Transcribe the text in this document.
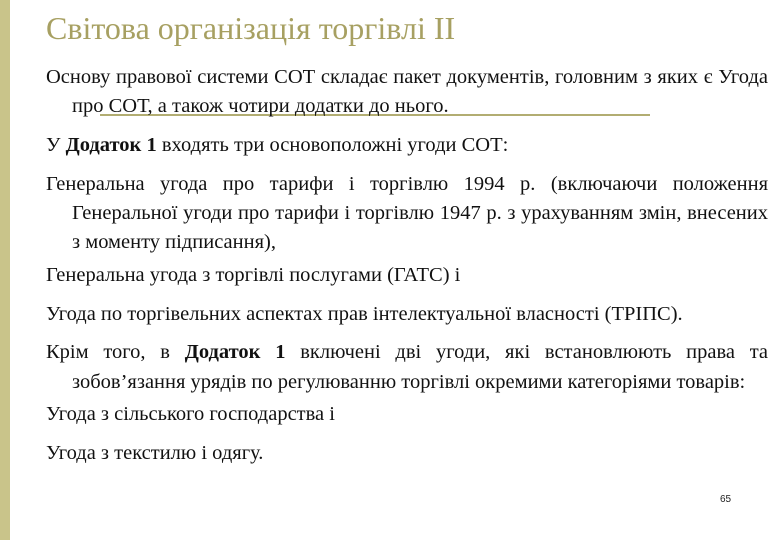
Світова організація торгівлі ІІ

Основу правової системи СОТ складає пакет документів, головним з яких є Угода про СОТ, а також чотири додатки до нього.

У Додаток 1 входять три основоположні угоди СОТ:

Генеральна угода про тарифи і торгівлю 1994 р. (включаючи положення Генеральної угоди про тарифи і торгівлю 1947 р. з урахуванням змін, внесених з моменту підписання),

Генеральна угода з торгівлі послугами (ГАТС) і

Угода по торгівельних аспектах прав інтелектуальної власності (ТРІПС).

Крім того, в Додаток 1 включені дві угоди, які встановлюють права та зобов’язання урядів по регулюванню торгівлі окремими категоріями товарів:

Угода з сільського господарства і

Угода з текстилю і одягу.

65
